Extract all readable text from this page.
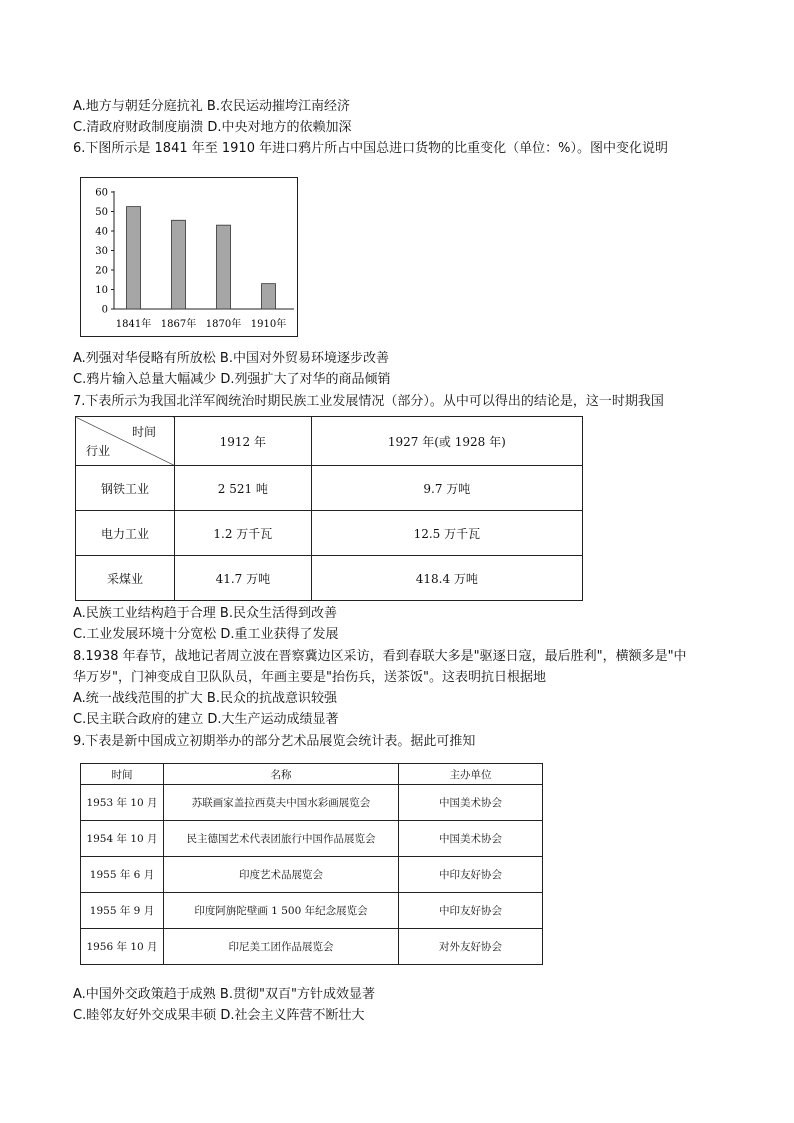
A.地方与朝廷分庭抗礼 B.农民运动摧垮江南经济
C.清政府财政制度崩溃 D.中央对地方的依赖加深
6.下图所示是 1841 年至 1910 年进口鸦片所占中国总进口货物的比重变化（单位：%）。图中变化说明
0
10
20
30
40
50
60
1841年 1867年 1870年 1910年
A.列强对华侵略有所放松 B.中国对外贸易环境逐步改善
C.鸦片输入总量大幅减少 D.列强扩大了对华的商品倾销
7.下表所示为我国北洋军阀统治时期民族工业发展情况（部分）。从中可以得出的结论是，这一时期我国
时间
行业	1912 年	1927 年(或 1928 年)
钢铁工业	2 521 吨	9.7 万吨
电力工业	1.2 万千瓦	12.5 万千瓦
采煤业	41.7 万吨	418.4 万吨
A.民族工业结构趋于合理 B.民众生活得到改善
C.工业发展环境十分宽松 D.重工业获得了发展
8.1938 年春节，战地记者周立波在晋察冀边区采访，看到春联大多是"驱逐日寇，最后胜利"，横额多是"中
华万岁"，门神变成自卫队队员，年画主要是"抬伤兵，送茶饭"。这表明抗日根据地
A.统一战线范围的扩大 B.民众的抗战意识较强
C.民主联合政府的建立 D.大生产运动成绩显著
9.下表是新中国成立初期举办的部分艺术品展览会统计表。据此可推知
时间	名称	主办单位
1953 年 10 月	苏联画家盖拉西莫夫中国水彩画展览会	中国美术协会
1954 年 10 月	民主德国艺术代表团旅行中国作品展览会	中国美术协会
1955 年 6 月	印度艺术品展览会	中印友好协会
1955 年 9 月	印度阿旃陀壁画 1 500 年纪念展览会	中印友好协会
1956 年 10 月	印尼美工团作品展览会	对外友好协会
A.中国外交政策趋于成熟 B.贯彻"双百"方针成效显著
C.睦邻友好外交成果丰硕 D.社会主义阵营不断壮大
